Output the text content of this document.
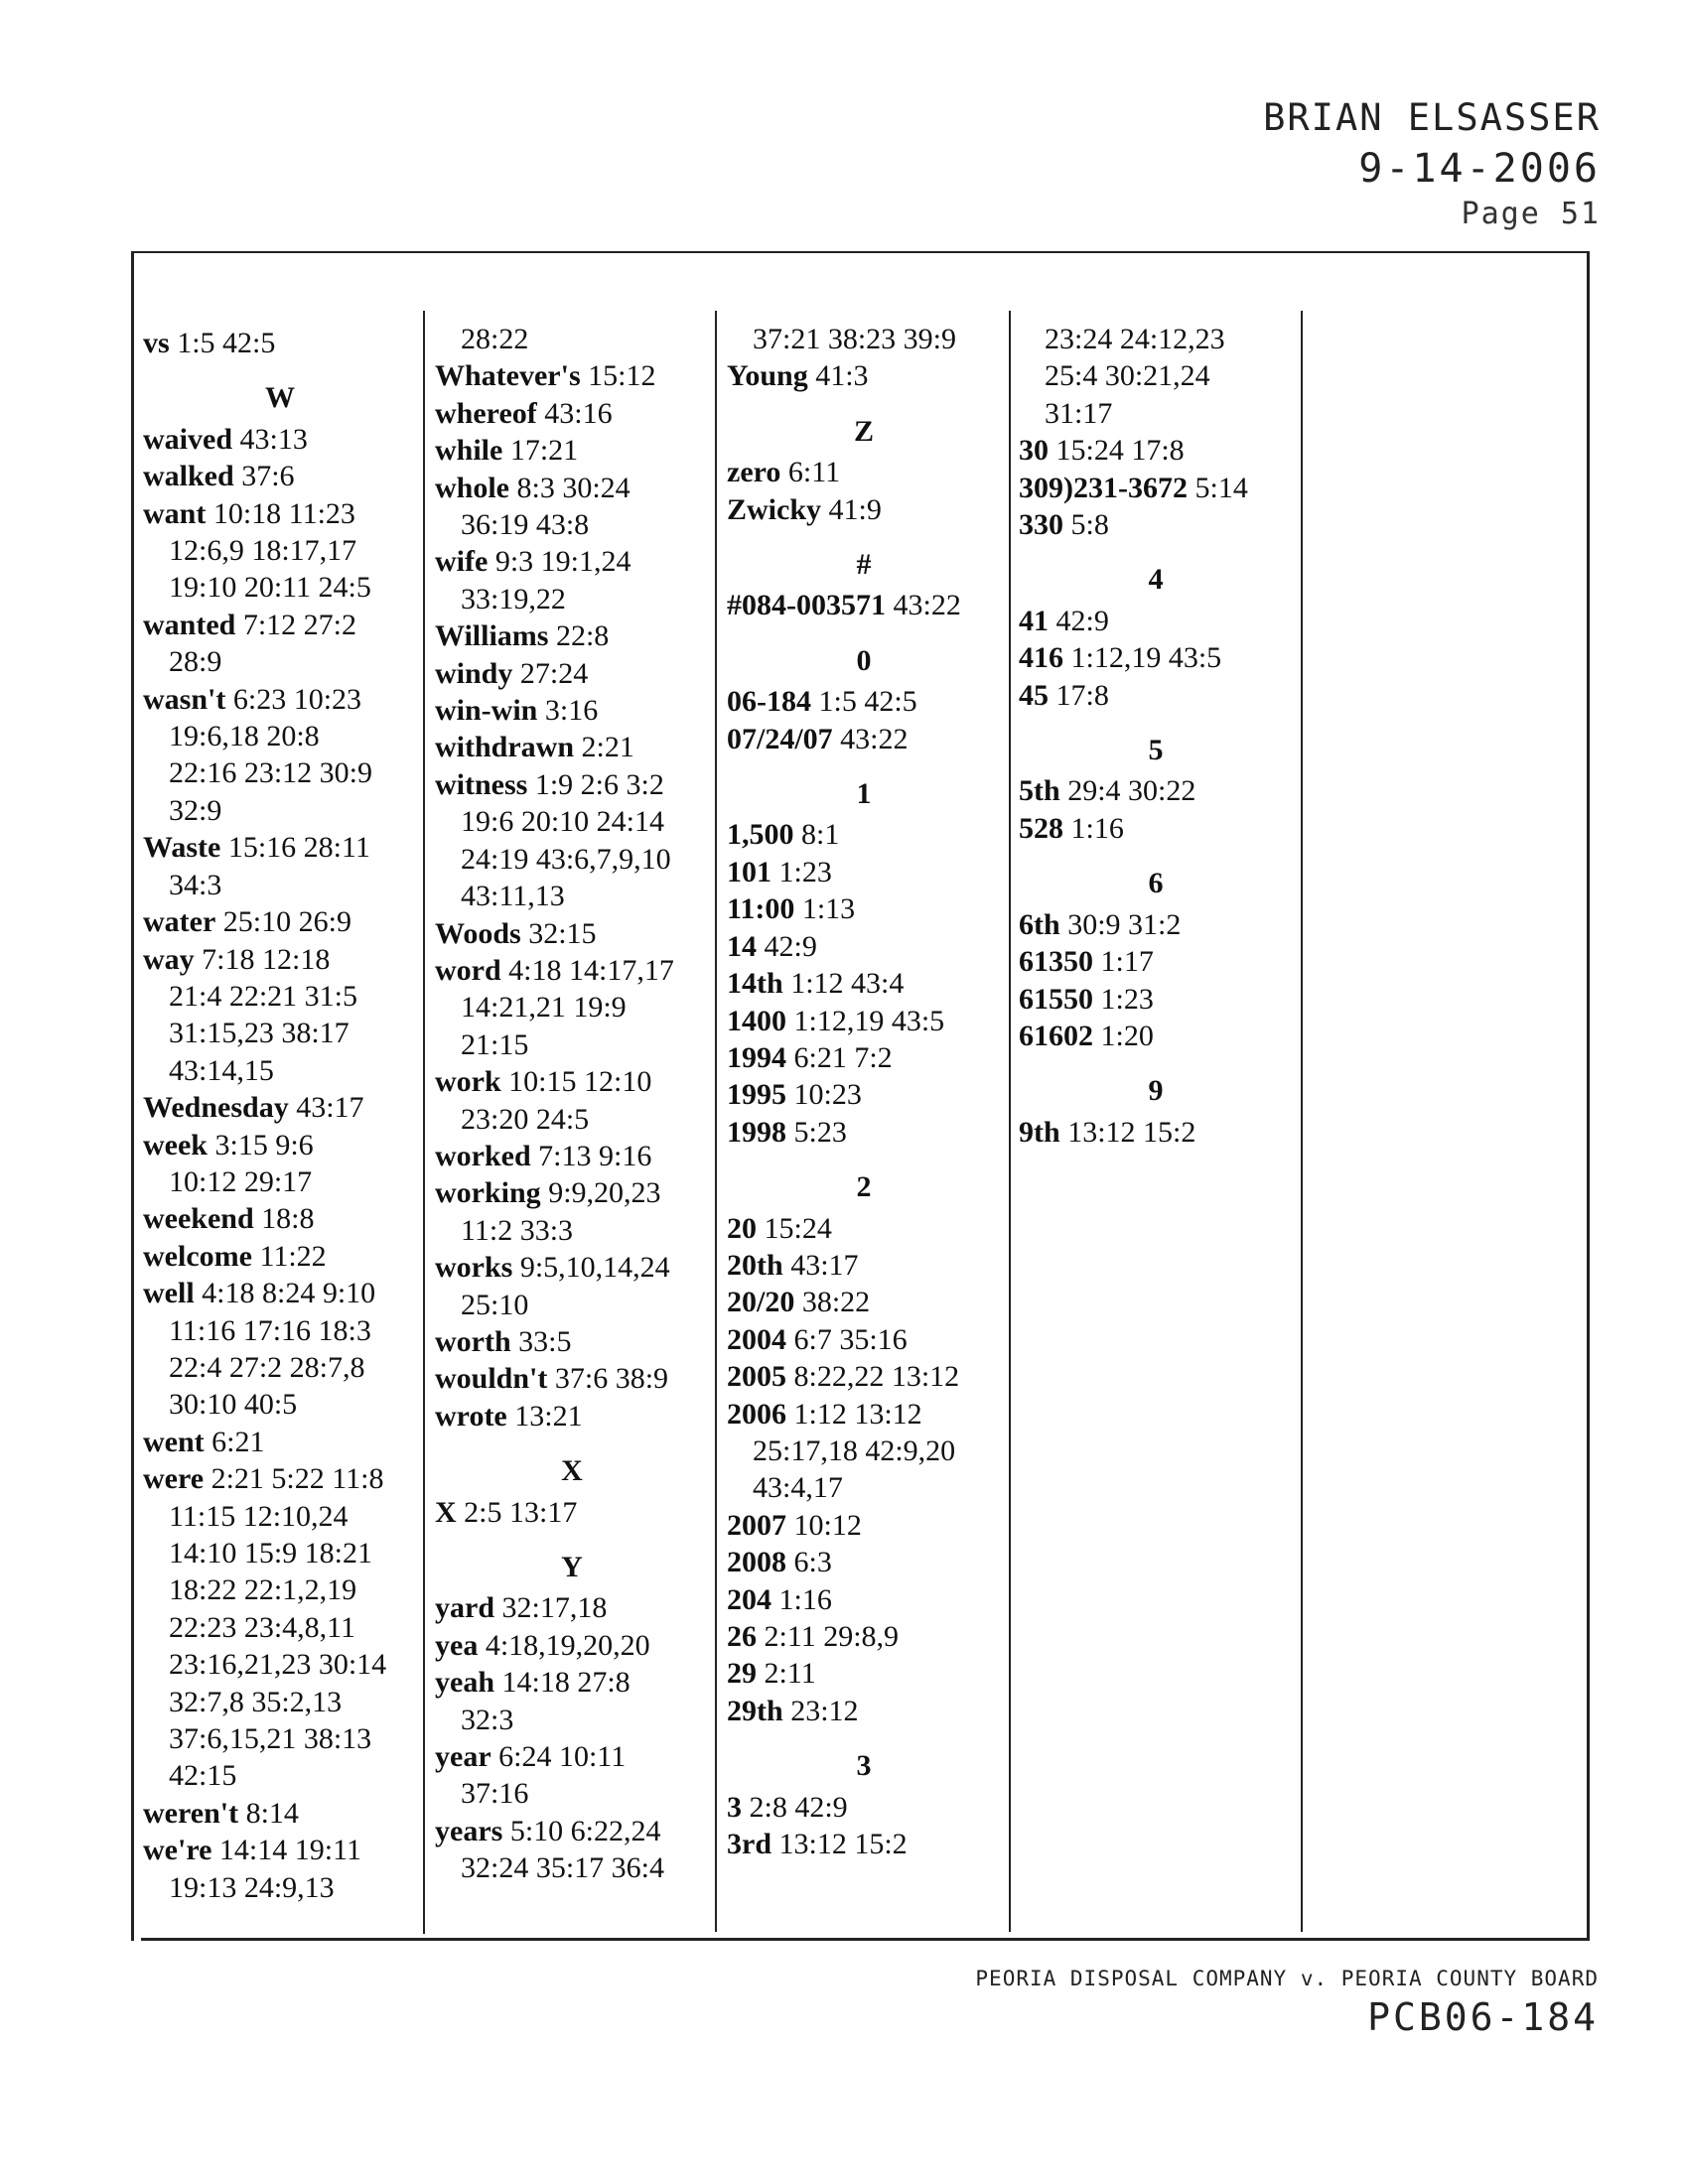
BRIAN ELSASSER
9-14-2006
Page 51
vs 1:5 42:5
W
waived 43:13
walked 37:6
want 10:18 11:23
12:6,9 18:17,17
19:10 20:11 24:5
wanted 7:12 27:2
28:9
wasn't 6:23 10:23
19:6,18 20:8
22:16 23:12 30:9
32:9
Waste 15:16 28:11
34:3
water 25:10 26:9
way 7:18 12:18
21:4 22:21 31:5
31:15,23 38:17
43:14,15
Wednesday 43:17
week 3:15 9:6
10:12 29:17
weekend 18:8
welcome 11:22
well 4:18 8:24 9:10
11:16 17:16 18:3
22:4 27:2 28:7,8
30:10 40:5
went 6:21
were 2:21 5:22 11:8
11:15 12:10,24
14:10 15:9 18:21
18:22 22:1,2,19
22:23 23:4,8,11
23:16,21,23 30:14
32:7,8 35:2,13
37:6,15,21 38:13
42:15
weren't 8:14
we're 14:14 19:11
19:13 24:9,13
28:22
Whatever's 15:12
whereof 43:16
while 17:21
whole 8:3 30:24
36:19 43:8
wife 9:3 19:1,24
33:19,22
Williams 22:8
windy 27:24
win-win 3:16
withdrawn 2:21
witness 1:9 2:6 3:2
19:6 20:10 24:14
24:19 43:6,7,9,10
43:11,13
Woods 32:15
word 4:18 14:17,17
14:21,21 19:9
21:15
work 10:15 12:10
23:20 24:5
worked 7:13 9:16
working 9:9,20,23
11:2 33:3
works 9:5,10,14,24
25:10
worth 33:5
wouldn't 37:6 38:9
wrote 13:21
X
X 2:5 13:17
Y
yard 32:17,18
yea 4:18,19,20,20
yeah 14:18 27:8
32:3
year 6:24 10:11
37:16
years 5:10 6:22,24
32:24 35:17 36:4
37:21 38:23 39:9
Young 41:3
Z
zero 6:11
Zwicky 41:9
#
#084-003571 43:22
0
06-184 1:5 42:5
07/24/07 43:22
1
1,500 8:1
101 1:23
11:00 1:13
14 42:9
14th 1:12 43:4
1400 1:12,19 43:5
1994 6:21 7:2
1995 10:23
1998 5:23
2
20 15:24
20th 43:17
20/20 38:22
2004 6:7 35:16
2005 8:22,22 13:12
2006 1:12 13:12
25:17,18 42:9,20
43:4,17
2007 10:12
2008 6:3
204 1:16
26 2:11 29:8,9
29 2:11
29th 23:12
3
3 2:8 42:9
3rd 13:12 15:2
23:24 24:12,23
25:4 30:21,24
31:17
30 15:24 17:8
309)231-3672 5:14
330 5:8
4
41 42:9
416 1:12,19 43:5
45 17:8
5
5th 29:4 30:22
528 1:16
6
6th 30:9 31:2
61350 1:17
61550 1:23
61602 1:20
9
9th 13:12 15:2
PEORIA DISPOSAL COMPANY v. PEORIA COUNTY BOARD
PCB06-184
